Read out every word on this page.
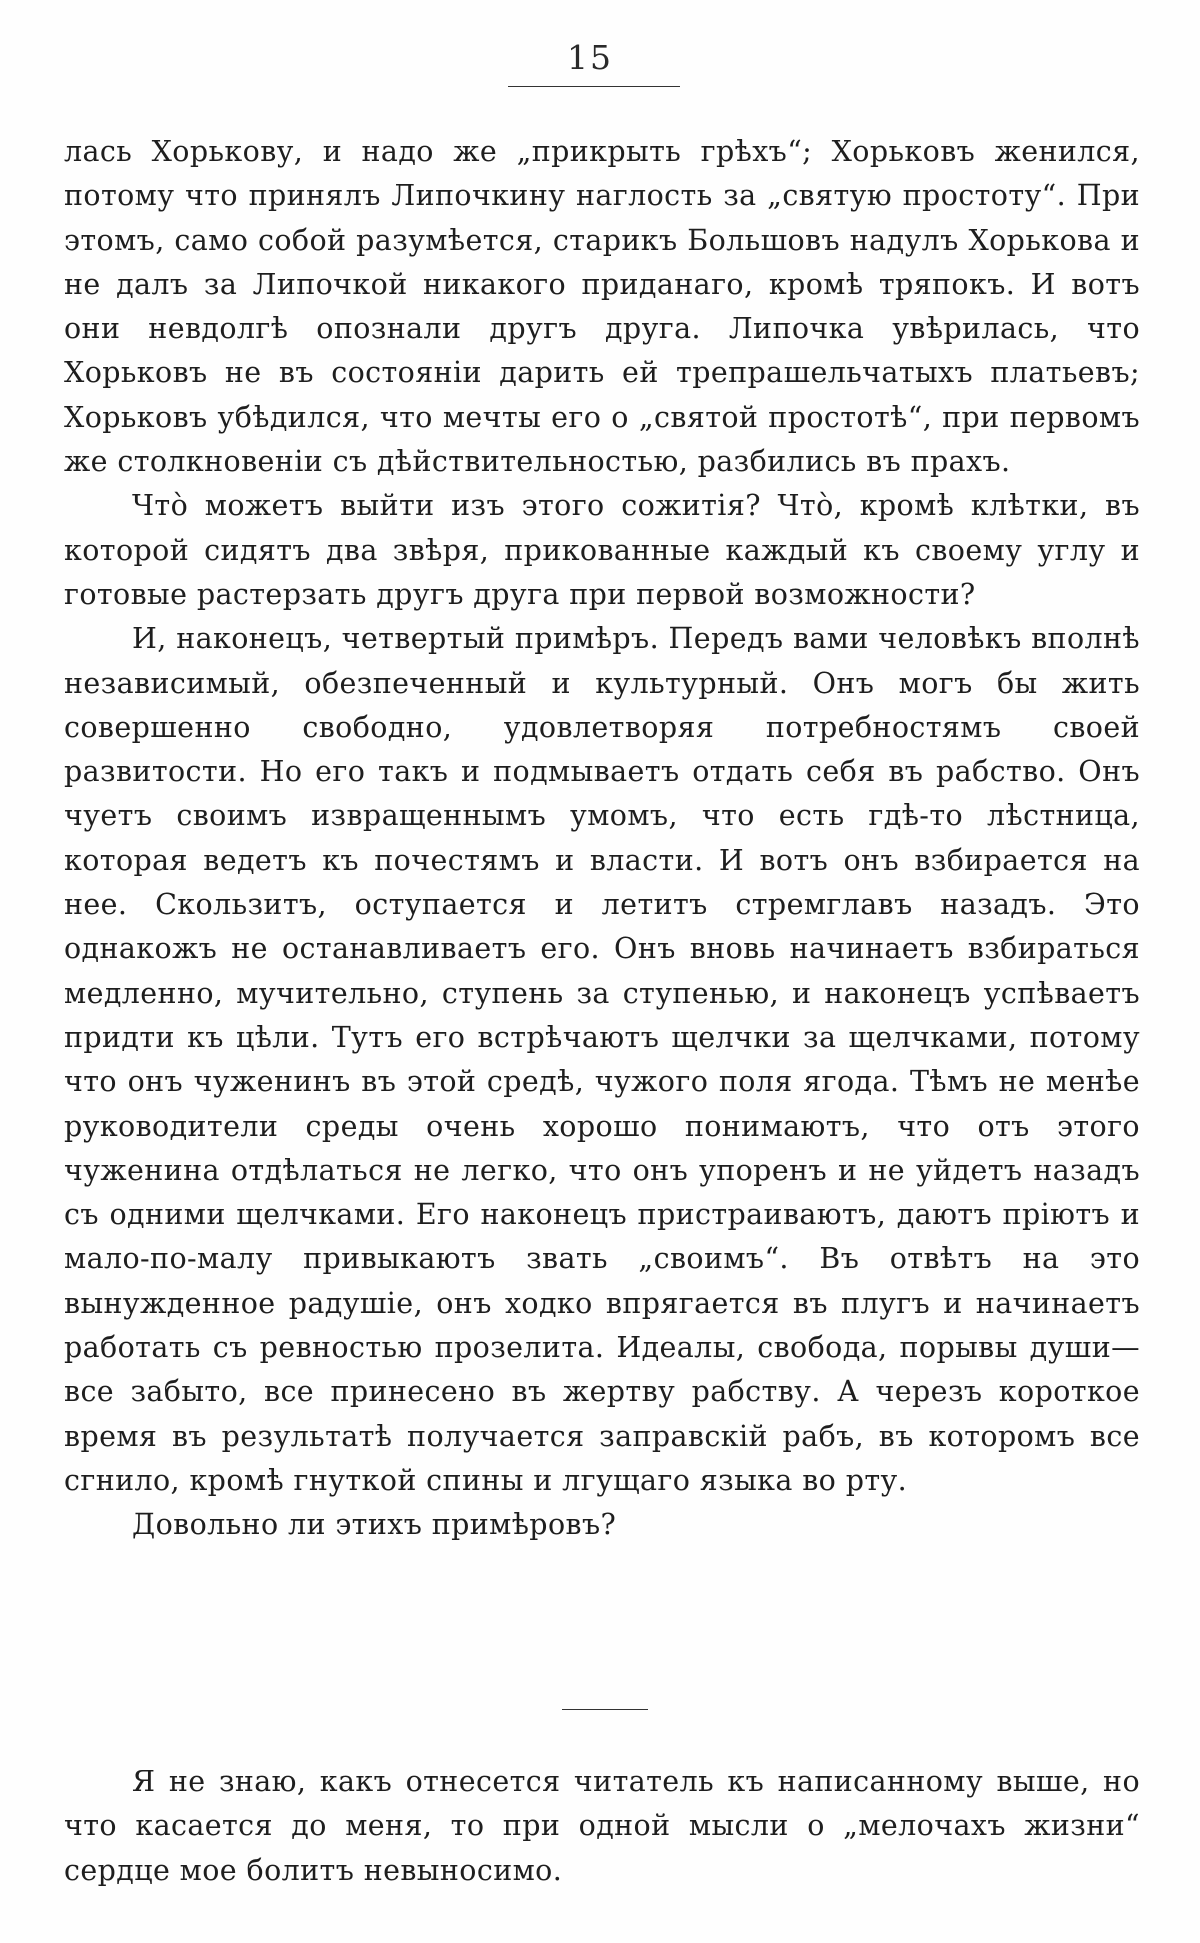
15

лась Хорькову, и надо же „прикрыть грѣхъ“; Хорьковъ женился, потому что принялъ Липочкину наглость за „святую простоту“. При этомъ, само собой разумѣется, старикъ Большовъ надулъ Хорькова и не далъ за Липочкой никакого приданаго, кромѣ тряпокъ. И вотъ они невдолгѣ опознали другъ друга. Липочка увѣрилась, что Хорьковъ не въ состояніи дарить ей трепрашельчатыхъ платьевъ; Хорьковъ убѣдился, что мечты его о „святой простотѣ“, при первомъ же столкновеніи съ дѣйствительностью, разбились въ прахъ.

Что̀ можетъ выйти изъ этого сожитія? Что̀, кромѣ клѣтки, въ которой сидятъ два звѣря, прикованные каждый къ своему углу и готовые растерзать другъ друга при первой возможности?

И, наконецъ, четвертый примѣръ. Передъ вами человѣкъ вполнѣ независимый, обезпеченный и культурный. Онъ могъ бы жить совершенно свободно, удовлетворяя потребностямъ своей развитости. Но его такъ и подмываетъ отдать себя въ рабство. Онъ чуетъ своимъ извращеннымъ умомъ, что есть гдѣ-то лѣстница, которая ведетъ къ почестямъ и власти. И вотъ онъ взбирается на нее. Скользитъ, оступается и летитъ стремглавъ назадъ. Это однакожъ не останавливаетъ его. Онъ вновь начинаетъ взбираться медленно, мучительно, ступень за ступенью, и наконецъ успѣваетъ придти къ цѣли. Тутъ его встрѣчаютъ щелчки за щелчками, потому что онъ чуженинъ въ этой средѣ, чужого поля ягода. Тѣмъ не менѣе руководители среды очень хорошо понимаютъ, что отъ этого чуженина отдѣлаться не легко, что онъ упоренъ и не уйдетъ назадъ съ одними щелчками. Его наконецъ пристраиваютъ, даютъ пріютъ и мало-по-малу привыкаютъ звать „своимъ“. Въ отвѣтъ на это вынужденное радушіе, онъ ходко впрягается въ плугъ и начинаетъ работать съ ревностью прозелита. Идеалы, свобода, порывы души—все забыто, все принесено въ жертву рабству. А черезъ короткое время въ результатѣ получается заправскій рабъ, въ которомъ все сгнило, кромѣ гнуткой спины и лгущаго языка во рту.

Довольно ли этихъ примѣровъ?

Я не знаю, какъ отнесется читатель къ написанному выше, но что касается до меня, то при одной мысли о „мелочахъ жизни“ сердце мое болитъ невыносимо.
